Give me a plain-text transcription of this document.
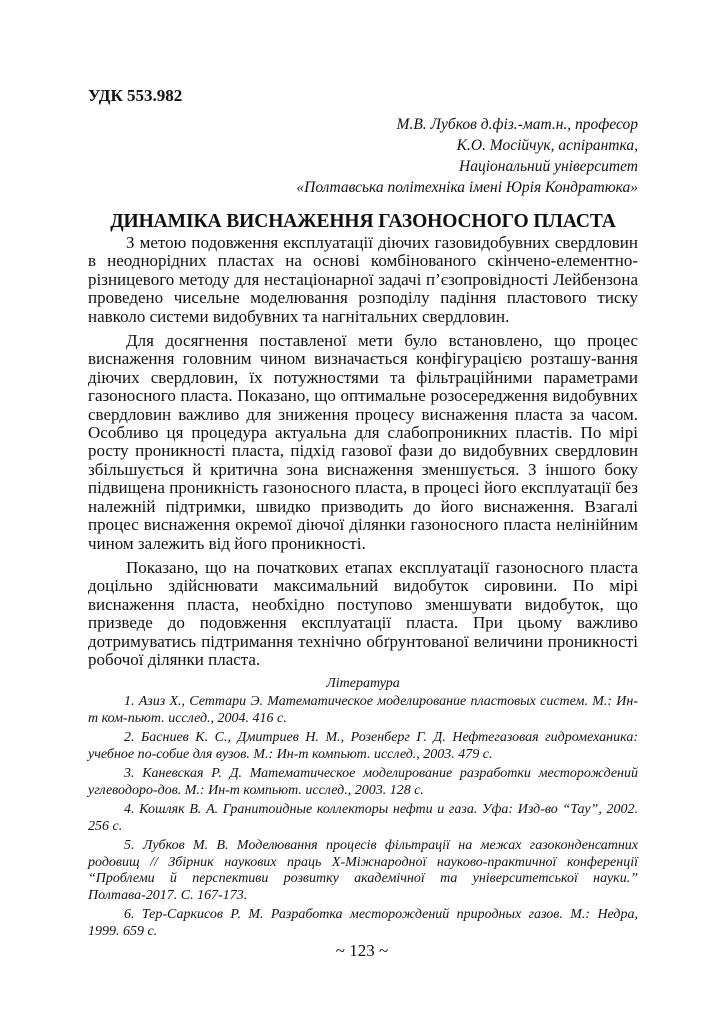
УДК 553.982
М.В. Лубков д.фіз.-мат.н., професор
К.О. Мосійчук, аспірантка,
Національний університет
«Полтавська політехніка імені Юрія Кондратюка»
ДИНАМІКА ВИСНАЖЕННЯ ГАЗОНОСНОГО ПЛАСТА

З метою подовження експлуатації діючих газовидобувних свердловин в неоднорідних пластах на основі комбінованого скінчено-елементно-різницевого методу для нестаціонарної задачі п’єзопровідності Лейбензона проведено чисельне моделювання розподілу падіння пластового тиску навколо системи видобувних та нагнітальних свердловин.

Для досягнення поставленої мети було встановлено, що процес виснаження головним чином визначається конфігурацією розташу-вання діючих свердловин, їх потужностями та фільтраційними параметрами газоносного пласта. Показано, що оптимальне розосередження видобувних свердловин важливо для зниження процесу виснаження пласта за часом. Особливо ця процедура актуальна для слабопроникних пластів. По мірі росту проникності пласта, підхід газової фази до видобувних свердловин збільшується й критична зона виснаження зменшується. З іншого боку підвищена проникність газоносного пласта, в процесі його експлуатації без належній підтримки, швидко призводить до його виснаження. Взагалі процес виснаження окремої діючої ділянки газоносного пласта нелінійним чином залежить від його проникності.

Показано, що на початкових етапах експлуатації газоносного пласта доцільно здійснювати максимальний видобуток сировини. По мірі виснаження пласта, необхідно поступово зменшувати видобуток, що призведе до подовження експлуатації пласта. При цьому важливо дотримуватись підтримання технічно обґрунтованої величини проникності робочої ділянки пласта.

Література

1. Азиз Х., Сеттари Э. Математическое моделирование пластовых систем. М.: Ин-т ком-пьют. исслед., 2004. 416 с.

2. Басниев К. С., Дмитриев Н. М., Розенберг Г. Д. Нефтегазовая гидромеханика: учебное по-собие для вузов. М.: Ин-т компьют. исслед., 2003. 479 с.

3. Каневская Р. Д. Математическое моделирование разработки месторождений углеводоро-дов. М.: Ин-т компьют. исслед., 2003. 128 с.

4. Кошляк В. А. Гранитоидные коллекторы нефти и газа. Уфа: Изд-во “Тау”, 2002. 256 с.

5. Лубков М. В. Моделювання процесів фільтрації на межах газоконденсатних родовищ // Збірник наукових праць X-Міжнародної науково-практичної конференції “Проблеми й перспективи розвитку академічної та університетської науки.” Полтава-2017. С. 167-173.

6. Тер-Саркисов Р. М. Разработка месторождений природных газов. М.: Недра, 1999. 659 с.

~ 123 ~
